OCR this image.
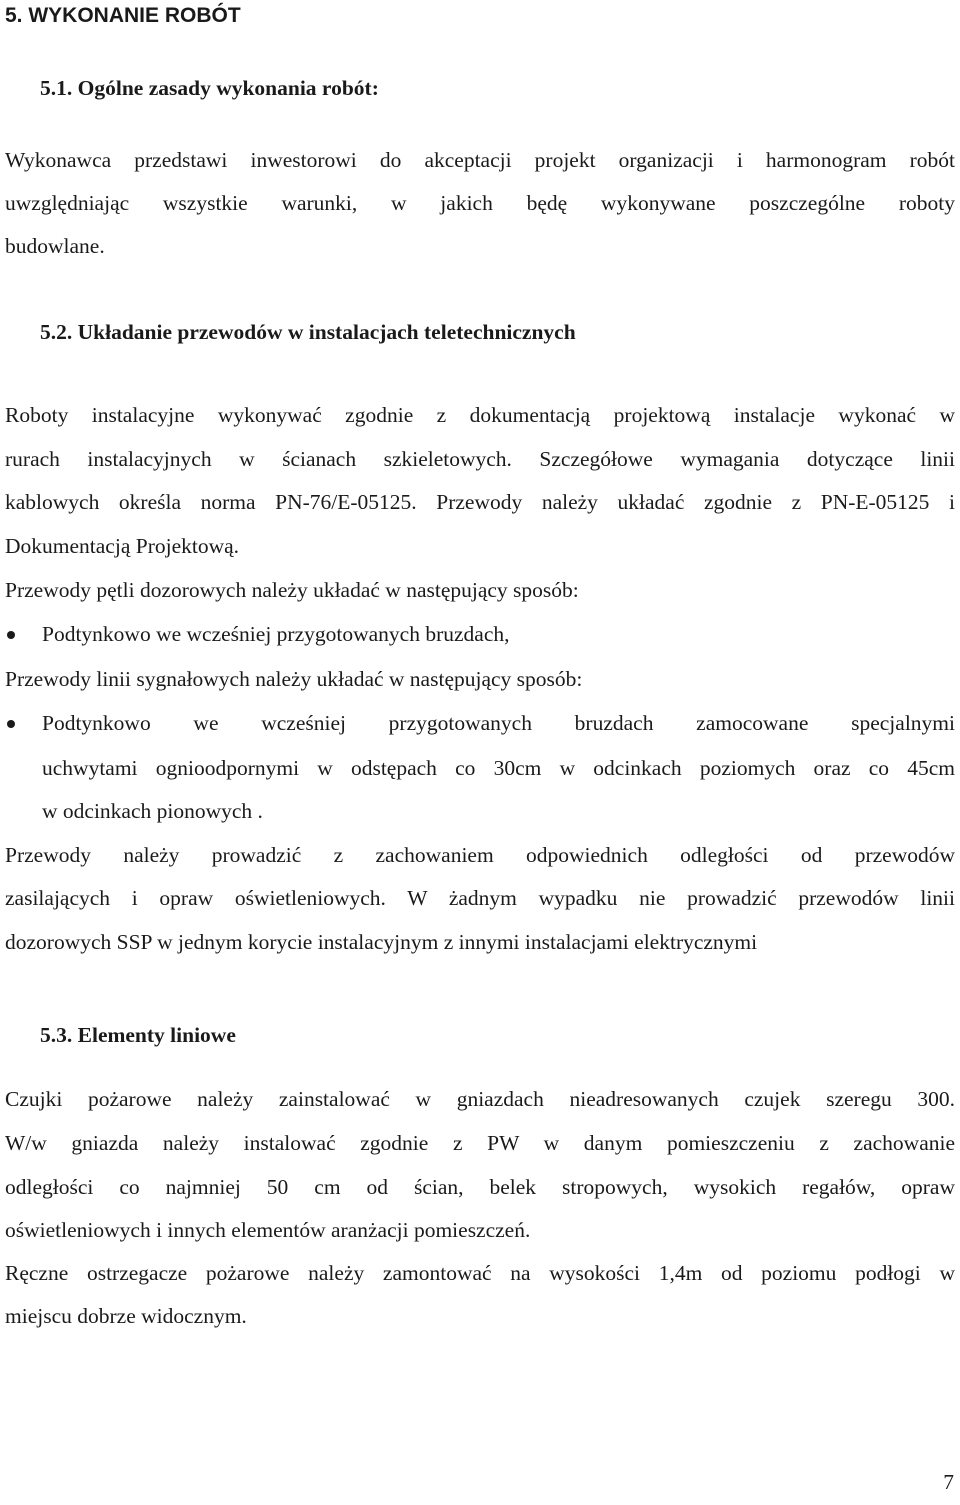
5. WYKONANIE ROBÓT
5.1. Ogólne zasady wykonania robót:
Wykonawca przedstawi inwestorowi do akceptacji projekt organizacji i harmonogram robót
uwzględniając wszystkie warunki, w jakich będę wykonywane poszczególne roboty
budowlane.
5.2. Układanie przewodów w instalacjach teletechnicznych
Roboty instalacyjne wykonywać zgodnie z dokumentacją projektową instalacje wykonać w
rurach instalacyjnych w ścianach szkieletowych. Szczegółowe wymagania dotyczące linii
kablowych określa norma PN-76/E-05125. Przewody należy układać zgodnie z PN-E-05125 i
Dokumentacją Projektową.
Przewody pętli dozorowych należy układać w następujący sposób:
Podtynkowo we wcześniej przygotowanych bruzdach,
Przewody linii sygnałowych należy układać w następujący sposób:
Podtynkowo we wcześniej przygotowanych bruzdach zamocowane specjalnymi
uchwytami ognioodpornymi w odstępach co 30cm w odcinkach poziomych oraz co 45cm
w odcinkach pionowych .
Przewody należy prowadzić z zachowaniem odpowiednich odległości od przewodów
zasilających i opraw oświetleniowych. W żadnym wypadku nie prowadzić przewodów linii
dozorowych SSP w jednym korycie instalacyjnym z innymi instalacjami elektrycznymi
5.3. Elementy liniowe
Czujki pożarowe należy zainstalować w gniazdach nieadresowanych czujek szeregu 300.
W/w gniazda należy instalować zgodnie z PW w danym pomieszczeniu z zachowanie
odległości co najmniej 50 cm od ścian, belek stropowych, wysokich regałów, opraw
oświetleniowych i innych elementów aranżacji pomieszczeń.
Ręczne ostrzegacze pożarowe należy zamontować na wysokości 1,4m od poziomu podłogi w
miejscu dobrze widocznym.
7
